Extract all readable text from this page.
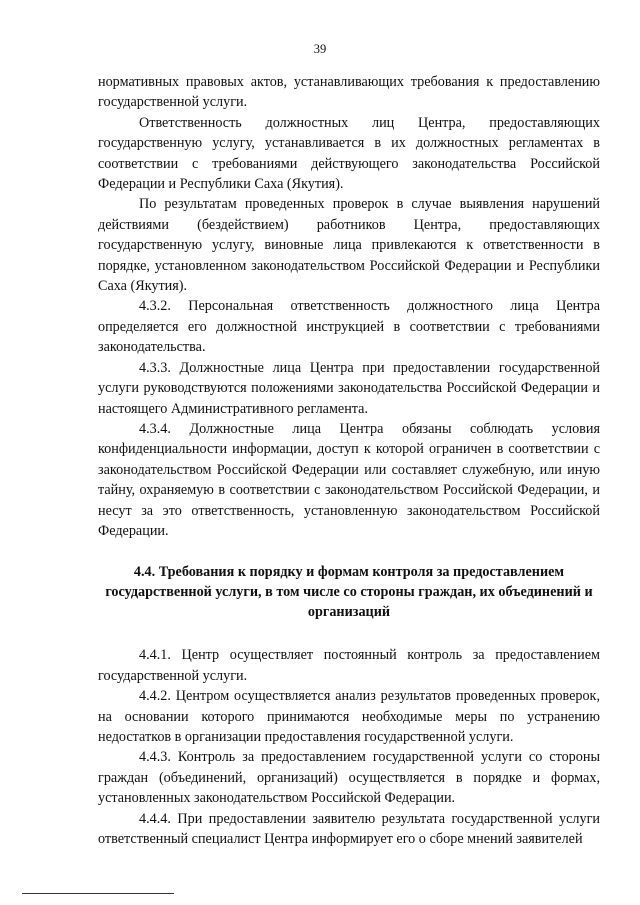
39

нормативных правовых актов, устанавливающих требования к предоставлению государственной услуги.

Ответственность должностных лиц Центра, предоставляющих государственную услугу, устанавливается в их должностных регламентах в соответствии с требованиями действующего законодательства Российской Федерации и Республики Саха (Якутия).

По результатам проведенных проверок в случае выявления нарушений действиями (бездействием) работников Центра, предоставляющих государственную услугу, виновные лица привлекаются к ответственности в порядке, установленном законодательством Российской Федерации и Республики Саха (Якутия).

4.3.2. Персональная ответственность должностного лица Центра определяется его должностной инструкцией в соответствии с требованиями законодательства.

4.3.3. Должностные лица Центра при предоставлении государственной услуги руководствуются положениями законодательства Российской Федерации и настоящего Административного регламента.

4.3.4. Должностные лица Центра обязаны соблюдать условия конфиденциальности информации, доступ к которой ограничен в соответствии с законодательством Российской Федерации или составляет служебную, или иную тайну, охраняемую в соответствии с законодательством Российской Федерации, и несут за это ответственность, установленную законодательством Российской Федерации.

4.4. Требования к порядку и формам контроля за предоставлением государственной услуги, в том числе со стороны граждан, их объединений и организаций

4.4.1. Центр осуществляет постоянный контроль за предоставлением государственной услуги.

4.4.2. Центром осуществляется анализ результатов проведенных проверок, на основании которого принимаются необходимые меры по устранению недостатков в организации предоставления государственной услуги.

4.4.3. Контроль за предоставлением государственной услуги со стороны граждан (объединений, организаций) осуществляется в порядке и формах, установленных законодательством Российской Федерации.

4.4.4. При предоставлении заявителю результата государственной услуги ответственный специалист Центра информирует его о сборе мнений заявителей
